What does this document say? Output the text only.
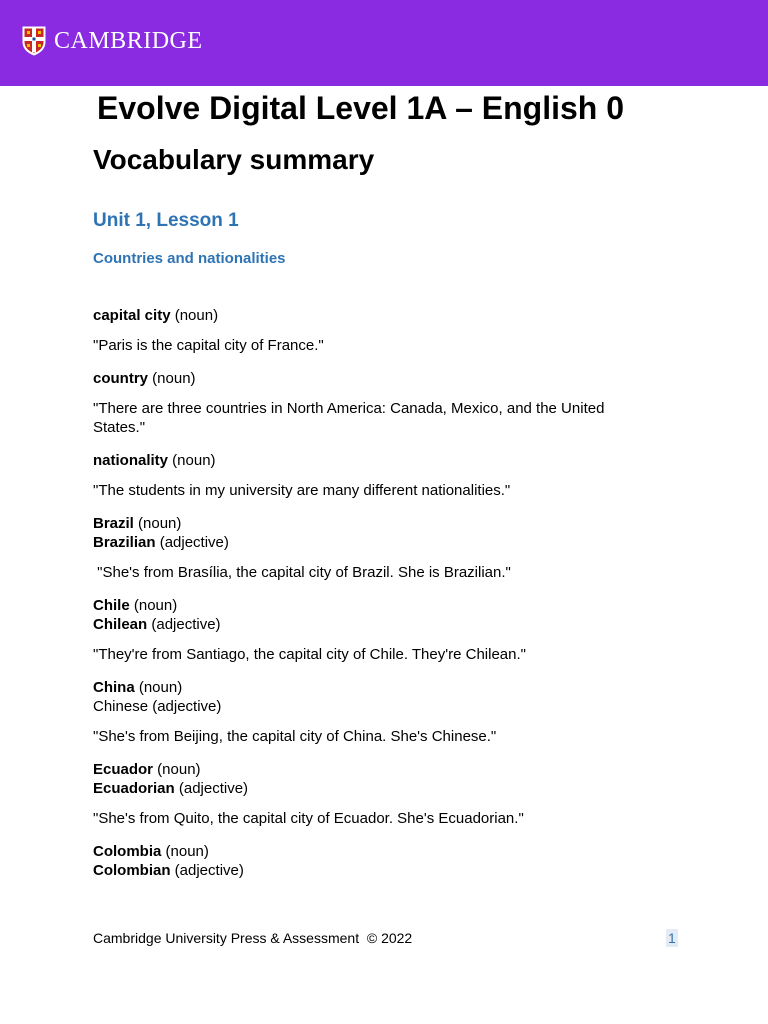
CAMBRIDGE
Evolve Digital Level 1A – English 0
Vocabulary summary
Unit 1, Lesson 1
Countries and nationalities

capital city (noun)

"Paris is the capital city of France."

country (noun)

"There are three countries in North America: Canada, Mexico, and the United States."

nationality (noun)

"The students in my university are many different nationalities."

Brazil (noun)

Brazilian (adjective)

"She's from Brasília, the capital city of Brazil. She is Brazilian."

Chile (noun)

Chilean (adjective)

"They're from Santiago, the capital city of Chile. They're Chilean."

China (noun)

Chinese (adjective)

"She's from Beijing, the capital city of China. She's Chinese."

Ecuador (noun)

Ecuadorian (adjective)

"She's from Quito, the capital city of Ecuador. She's Ecuadorian."

Colombia (noun)

Colombian (adjective)

Cambridge University Press & Assessment  © 2022	1
